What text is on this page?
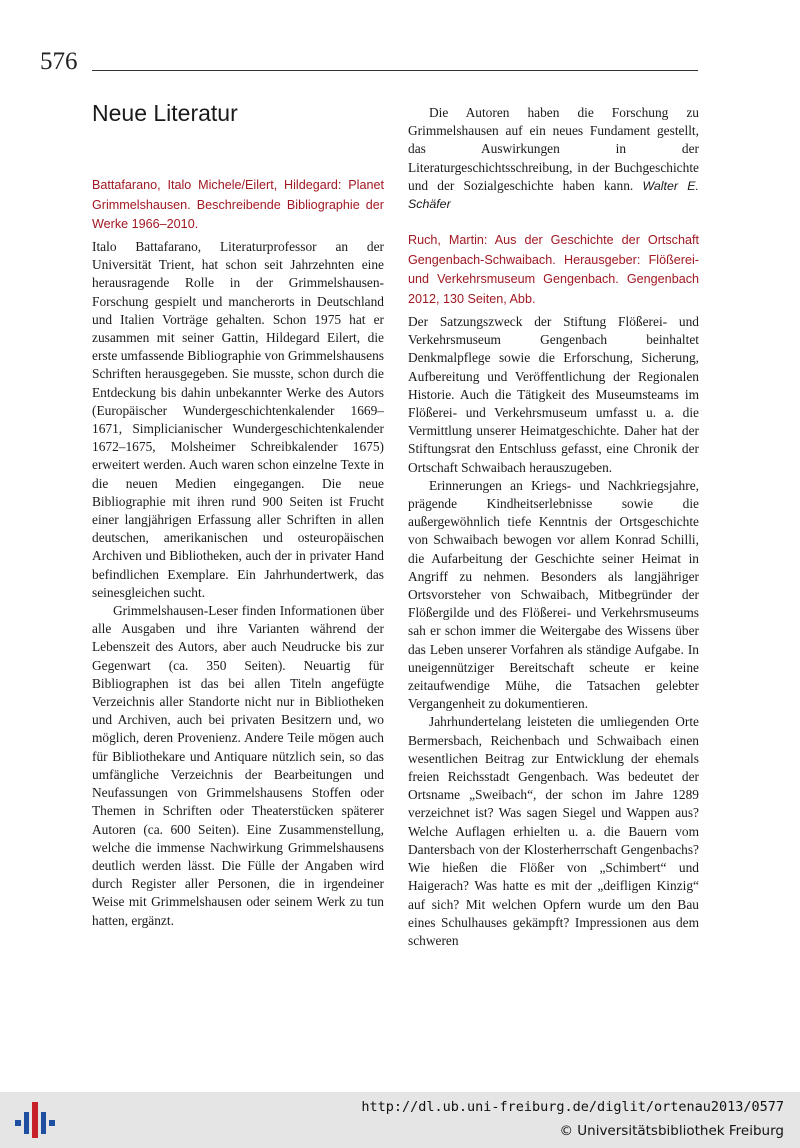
576
Neue Literatur
Battafarano, Italo Michele/Eilert, Hildegard: Planet Grimmelshausen. Beschreibende Bibliographie der Werke 1966–2010.

Italo Battafarano, Literaturprofessor an der Universität Trient, hat schon seit Jahrzehnten eine herausragende Rolle in der Grimmelshausen-Forschung gespielt und mancherorts in Deutschland und Italien Vorträge gehalten. Schon 1975 hat er zusammen mit seiner Gattin, Hildegard Eilert, die erste umfassende Bibliographie von Grimmelshausens Schriften herausgegeben. Sie musste, schon durch die Entdeckung bis dahin unbekannter Werke des Autors (Europäischer Wundergeschichtenkalender 1669–1671, Simplicianischer Wundergeschichtenkalender 1672–1675, Molsheimer Schreibkalender 1675) erweitert werden. Auch waren schon einzelne Texte in die neuen Medien eingegangen. Die neue Bibliographie mit ihren rund 900 Seiten ist Frucht einer langjährigen Erfassung aller Schriften in allen deutschen, amerikanischen und osteuropäischen Archiven und Bibliotheken, auch der in privater Hand befindlichen Exemplare. Ein Jahrhundertwerk, das seinesgleichen sucht.

Grimmelshausen-Leser finden Informationen über alle Ausgaben und ihre Varianten während der Lebenszeit des Autors, aber auch Neudrucke bis zur Gegenwart (ca. 350 Seiten). Neuartig für Bibliographen ist das bei allen Titeln angefügte Verzeichnis aller Standorte nicht nur in Bibliotheken und Archiven, auch bei privaten Besitzern und, wo möglich, deren Provenienz. Andere Teile mögen auch für Bibliothekare und Antiquare nützlich sein, so das umfängliche Verzeichnis der Bearbeitungen und Neufassungen von Grimmelshausens Stoffen oder Themen in Schriften oder Theaterstücken späterer Autoren (ca. 600 Seiten). Eine Zusammenstellung, welche die immense Nachwirkung Grimmelshausens deutlich werden lässt. Die Fülle der Angaben wird durch Register aller Personen, die in irgendeiner Weise mit Grimmelshausen oder seinem Werk zu tun hatten, ergänzt.

Die Autoren haben die Forschung zu Grimmelshausen auf ein neues Fundament gestellt, das Auswirkungen in der Literaturgeschichtsschreibung, in der Buchgeschichte und der Sozialgeschichte haben kann. Walter E. Schäfer

Ruch, Martin: Aus der Geschichte der Ortschaft Gengenbach-Schwaibach. Herausgeber: Flößerei- und Verkehrsmuseum Gengenbach. Gengenbach 2012, 130 Seiten, Abb.

Der Satzungszweck der Stiftung Flößerei- und Verkehrsmuseum Gengenbach beinhaltet Denkmalpflege sowie die Erforschung, Sicherung, Aufbereitung und Veröffentlichung der Regionalen Historie. Auch die Tätigkeit des Museumsteams im Flößerei- und Verkehrsmuseum umfasst u. a. die Vermittlung unserer Heimatgeschichte. Daher hat der Stiftungsrat den Entschluss gefasst, eine Chronik der Ortschaft Schwaibach herauszugeben.

Erinnerungen an Kriegs- und Nachkriegsjahre, prägende Kindheitserlebnisse sowie die außergewöhnlich tiefe Kenntnis der Ortsgeschichte von Schwaibach bewogen vor allem Konrad Schilli, die Aufarbeitung der Geschichte seiner Heimat in Angriff zu nehmen. Besonders als langjähriger Ortsvorsteher von Schwaibach, Mitbegründer der Flößergilde und des Flößerei- und Verkehrsmuseums sah er schon immer die Weitergabe des Wissens über das Leben unserer Vorfahren als ständige Aufgabe. In uneigennütziger Bereitschaft scheute er keine zeitaufwendige Mühe, die Tatsachen gelebter Vergangenheit zu dokumentieren.

Jahrhundertelang leisteten die umliegenden Orte Bermersbach, Reichenbach und Schwaibach einen wesentlichen Beitrag zur Entwicklung der ehemals freien Reichsstadt Gengenbach. Was bedeutet der Ortsname „Sweibach“, der schon im Jahre 1289 verzeichnet ist? Was sagen Siegel und Wappen aus? Welche Auflagen erhielten u. a. die Bauern vom Dantersbach von der Klosterherrschaft Gengenbachs? Wie hießen die Flößer von „Schimbert“ und Haigerach? Was hatte es mit der „deifligen Kinzig“ auf sich? Mit welchen Opfern wurde um den Bau eines Schulhauses gekämpft? Impressionen aus dem schweren

http://dl.ub.uni-freiburg.de/diglit/ortenau2013/0577
© Universitätsbibliothek Freiburg
